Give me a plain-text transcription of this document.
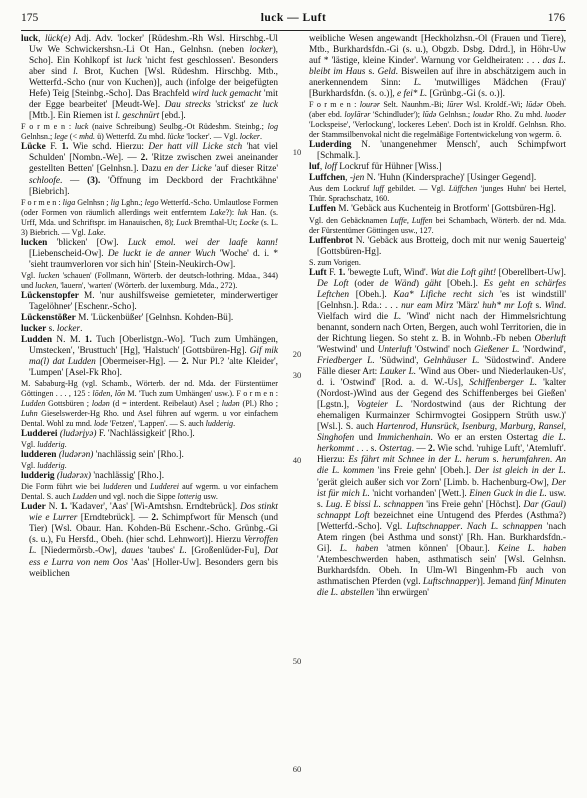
175	luck — Luft	176

luck, lück(e) Adj. Adv. 'locker' [Rüdeshm.-Rh Wsl. Hirschbg.-Ul Uw We Schwickershsn.-Li Ot Han., Gelnhsn. (neben locker), Scho]. Ein Kohlkopf ist luck 'nicht fest geschlossen'. Besonders aber sind l. Brot, Kuchen [Wsl. Rüdeshm. Hirschbg. Mtb., Wetterfd.-Scho (nur von Kuchen)], auch (infolge der beigefügten Hefe) Teig [Steinbg.-Scho]. Das Brachfeld wird luck gemacht 'mit der Egge bearbeitet' [Meudt-We]. Dau strecks 'strickst' ze luck [Mtb.]. Ein Riemen ist l. geschnürt [ebd.].

F o r m e n : luck (naive Schreibung) Seulbg.-Ot Rüdeshm. Steinbg.; log Gelnhsn.; lege (< mhd. ü) Wetterfd. Zu mhd. lücke 'locker'. — Vgl. locker.

Lücke F. 1. Wie schd. Hierzu: Der hatt vill Licke stch 'hat viel Schulden' [Nombn.-We]. — 2. 'Ritze zwischen zwei aneinander gestellten Betten' [Gelnhsn.]. Dazu en der Licke 'auf dieser Ritze' schloofe. — (3). 'Öffnung im Deckbord der Frachtkähne' [Biebrich].

F o r m e n : liga Gelnhsn ; lig Lghn.; lego Wetterfd.-Scho. Umlautlose Formen (oder Formen von räumlich allerdings weit entferntem Lake?): luk Han. (s. Urff, Mda. und Schriftspr. im Hanauischen, 8); Luck Bremthal-Ut; Locke (s. L. 3) Biebrich. — Vgl. Lake.

lucken 'blicken' [Ow]. Luck emol. wei der laafe kann! [Liebenscheid-Ow]. De luckt ie de anner Wuch 'Woche' d. i. * 'sieht traumverloren vor sich hin' [Stein-Neukirch-Ow].

Vgl. lucken 'schauen' (Follmann, Wörterb. der deutsch-lothring. Mdaa., 344) und lucken, 'lauern', 'warten' (Wörterb. der luxemburg. Mda., 272).

Lückenstopfer M. 'nur aushilfsweise gemieteter, minderwertiger Tagelöhner' [Eschenr.-Scho].

Lückenstößer M. 'Lückenbüßer' [Gelnhsn. Kohden-Bü].

lucker s. locker.

Ludden N. M. 1. Tuch [Oberlistgn.-Wo]. 'Tuch zum Umhängen, Umstecken', 'Brusttuch' [Hg], 'Halstuch' [Gottsbüren-Hg]. Gif mik ma(l) dat Ludden [Obermeiser-Hg]. — 2. Nur Pl.? 'alte Kleider', 'Lumpen' [Asel-Fk Rho].

M. Sababurg-Hg (vgl. Schamb., Wörterb. der nd. Mda. der Fürstentümer Göttingen . . . , 125 : lōden, lōn M. 'Tuch zum Umhängen' usw.). F o r m e n : Ludden Gottsbüren ; lodən (d = interdent. Reibelaut) Asel ; ludən (Pl.) Rho ; Luhn Gieselswerder-Hg Rho. und Asel führen auf wgerm. u vor einfachem Dental. Wohl zu mnd. lode 'Fetzen', 'Lappen'. — S. auch ludderig.

Ludderei (ludərįyə) F. 'Nachlässigkeit' [Rho.].

Vgl. ludderig.

ludderen (ludərən) 'nachlässig sein' [Rho.].

Vgl. ludderig.

ludderig (ludərəx) 'nachlässig' [Rho.].

Die Form führt wie bei ludderen und Ludderei auf wgerm. u vor einfachem Dental. S. auch Ludden und vgl. noch die Sippe lotterig usw.

Luder N. 1. 'Kadaver', 'Aas' [Wi-Amtshsn. Erndtebrück]. Dos stinkt wie e Lurrer [Erndtebrück]. — 2. Schimpfwort für Mensch (und Tier) [Wsl. Obaur. Han. Kohden-Bü Eschenr.-Scho. Grünbg.-Gi (s. u.), Fu Hersfd., Obeh. (hier schd. Lehnwort)]. Hierzu Verroffen L. [Niedermörsb.-Ow], daues 'taubes' L. [Großenlüder-Fu], Dat ess e Lurra von nem Oos 'Aas' [Holler-Uw]. Besonders gern bis weiblichen

10
20
30
40
50
60

weibliche Wesen angewandt [Heckholzhsn.-Ol (Frauen und Tiere), Mtb., Burkhardsfdn.-Gi (s. u.), Obgzb. Dsbg. Ddrd.], in Höhr-Uw auf * 'lästige, kleine Kinder'. Warnung vor Geldheiraten: . . . das L. bleibt im Haus s. Geld. Bisweilen auf ihre in abschätzigem auch in anerkennendem Sinn: L. 'mutwilliges Mädchen (Frau)' [Burkhardsfdn. (s. o.)], e fei* L. [Grünbg.-Gi (s. o.)].

F o r m e n : lourər Selt. Naunhm.-Bi; lūrer Wsl. Kroldf.-Wi; lūdər Obeh. (aber ebd. loylārər 'Schindluder'); lūdə Gelnhsn.; loudər Rho. Zu mhd. luoder 'Lockspeise', 'Verlockung', lockeres Leben'. Doch ist in Kroldf. Gelnhsn. Rho. der Stammsilbenvokal nicht die regelmäßige Fortentwickelung von wgerm. ō.

Luderding N. 'unangenehmer Mensch', auch Schimpfwort [Schmalk.].

luf, loff Lockruf für Hühner [Wiss.]

Luffchen, -jen N. 'Huhn (Kindersprache)' [Usinger Gegend].

Aus dem Lockruf luff gebildet. — Vgl. Lüffchen 'junges Huhn' bei Hertel, Thür. Sprachschatz, 160.

Luffen M. 'Gebäck aus Kuchenteig in Brotform' [Gottsbüren-Hg].

Vgl. den Gebäcknamen Luffe, Luffen bei Schambach, Wörterb. der nd. Mda. der Fürstentümer Göttingen usw., 127.

Luffenbrot N. 'Gebäck aus Brotteig, doch mit nur wenig Sauerteig' [Gottsbüren-Hg].

S. zum Vorigen.

Luft F. 1. 'bewegte Luft, Wind'. Wat die Loft giht! [Oberellbert-Uw]. De Loft (oder de Wänd) gäht [Obeh.]. Es geht en schärfes Leftchen [Obeh.]. Kaa* Lifiche recht sich 'es ist windstill' [Gelnhsn.]. Rda.: . . . nur eam Mirz 'März' huh* mr Loft s. Wind. Vielfach wird die L. 'Wind' nicht nach der Himmelsrichtung benannt, sondern nach Orten, Bergen, auch wohl Territorien, die in der Richtung liegen. So steht z. B. in Wohnb.-Fb neben Oberluft 'Westwind' und Unterluft 'Ostwind' noch Gießener L. 'Nordwind', Friedberger L. 'Südwind', Gelnhäuser L. 'Südostwind'. Andere Fälle dieser Art: Lauker L. 'Wind aus Ober- und Niederlauken-Us', d. i. 'Ostwind' [Rod. a. d. W.-Us], Schiffenberger L. 'kalter (Nordost-)Wind aus der Gegend des Schiffenberges bei Gießen' [Lgstn.], Vogteier L. 'Nordostwind (aus der Richtung der ehemaligen Kurmainzer Schirmvogtei Gosippern Strüth usw.)' [Wsl.]. S. auch Hartenrod, Hunsrück, Isenburg, Marburg, Ransel, Singhofen und Immichenhain. Wo er an ersten Ostertag die L. herkommt . . . s. Ostertag. — 2. Wie schd. 'ruhige Luft', 'Atemluft'. Hierzu: Es fährt mit Schnee in der L. herum s. herumfahren. An die L. kommen 'ins Freie gehn' [Obeh.]. Der ist gleich in der L. 'gerät gleich außer sich vor Zorn' [Limb. b. Hachenburg-Ow], Der ist für mich L. 'nicht vorhanden' [Wett.]. Einen Guck in die L. usw. s. Lug. E bissi L. schnappen 'ins Freie gehn' [Höchst]. Dar (Gaul) schnappt Loft bezeichnet eine Untugend des Pferdes (Asthma?) [Wetterfd.-Scho]. Vgl. Luftschnapper. Nach L. schnappen 'nach Atem ringen (bei Asthma und sonst)' [Rh. Han. Burkhardsfdn.-Gi]. L. haben 'atmen können' [Obaur.]. Keine L. haben 'Atembeschwerden haben, asthmatisch sein' [Wsl. Gelnhsn. Burkhardsfdn. Obeh. In Ulm-Wl Bingenhm-Fb auch von asthmatischen Pferden (vgl. Luftschnapper)]. Jemand fünf Minuten die L. abstellen 'ihn erwürgen'
